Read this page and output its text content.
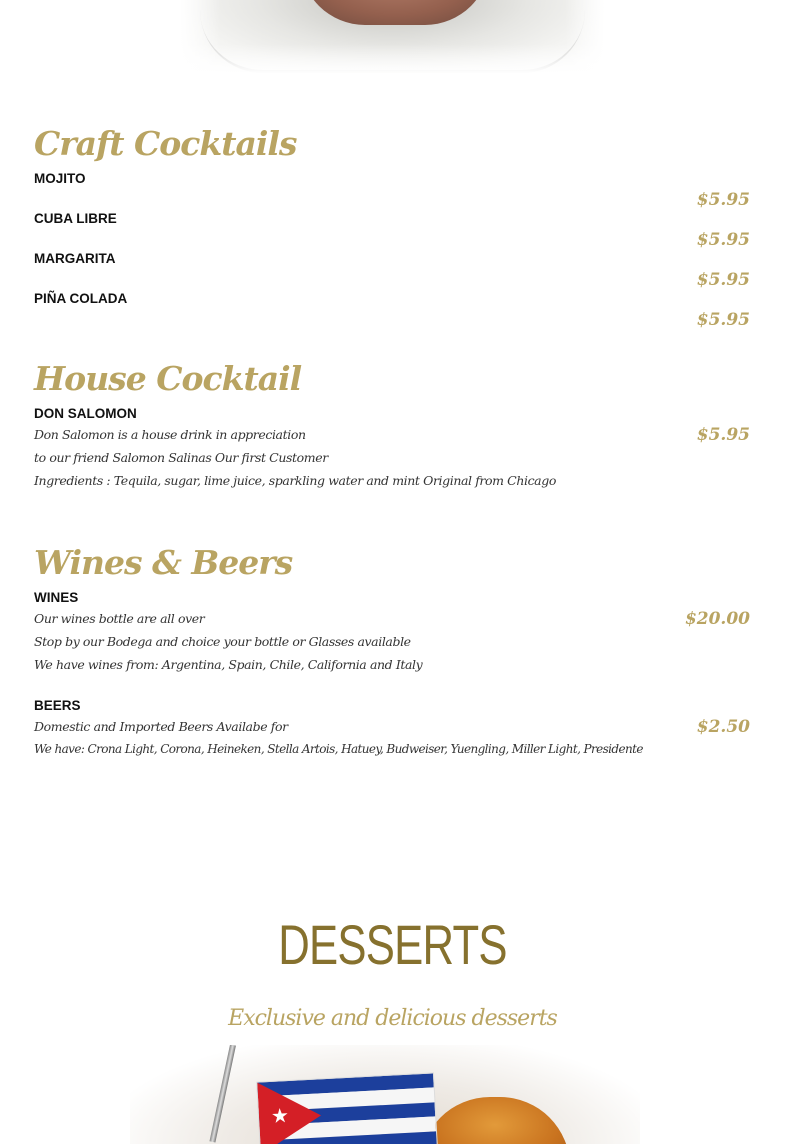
Craft Cocktails
MOJITO
$5.95
CUBA LIBRE
$5.95
MARGARITA
$5.95
PIÑA COLADA
$5.95
House Cocktail
DON SALOMON
$5.95
Don Salomon is a house drink in appreciation
to our friend Salomon Salinas Our first Customer
Ingredients : Tequila, sugar, lime juice, sparkling water and mint Original from Chicago
Wines & Beers
WINES
$20.00
Our wines bottle are all over
Stop by our Bodega and choice your bottle or Glasses available
We have wines from: Argentina, Spain, Chile, California and Italy
BEERS
$2.50
Domestic and Imported Beers Availabe for
We have: Crona Light, Corona, Heineken, Stella Artois, Hatuey, Budweiser, Yuengling, Miller Light, Presidente
DESSERTS
Exclusive and delicious desserts
★
